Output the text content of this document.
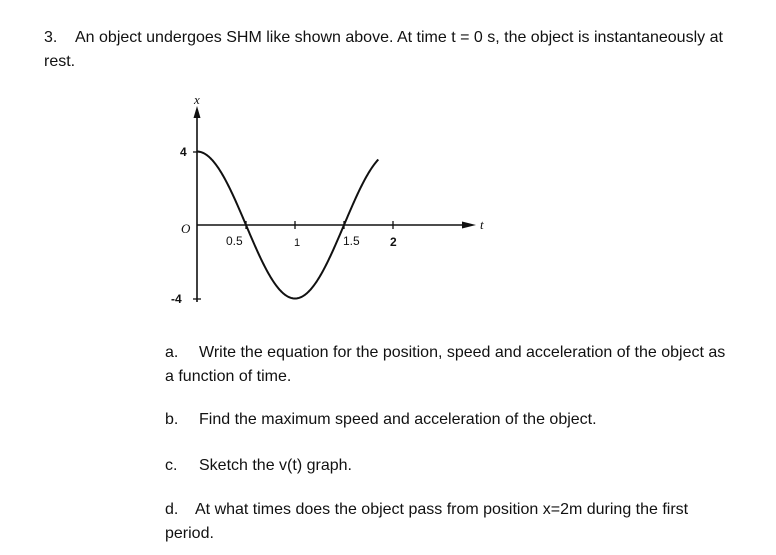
3. An object undergoes SHM like shown above. At time t = 0 s, the object is instantaneously at
rest.
x
t
O
4
-4
0.5	1	1.5	2
a. Write the equation for the position, speed and acceleration of the object as
a function of time.
b. Find the maximum speed and acceleration of the object.
c. Sketch the v(t) graph.
d. At what times does the object pass from position x=2m during the first
period.
